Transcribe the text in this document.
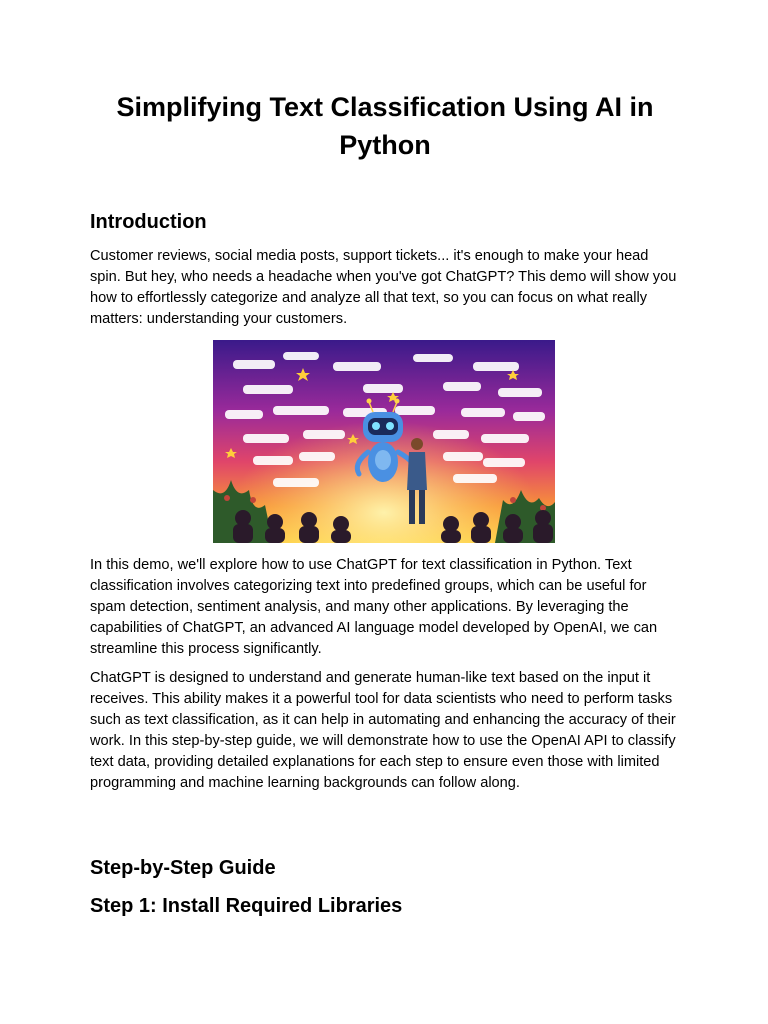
Simplifying Text Classification Using AI in Python
Introduction

Customer reviews, social media posts, support tickets... it's enough to make your head spin. But hey, who needs a headache when you've got ChatGPT? This demo will show you how to effortlessly categorize and analyze all that text, so you can focus on what really matters: understanding your customers.

In this demo, we'll explore how to use ChatGPT for text classification in Python. Text classification involves categorizing text into predefined groups, which can be useful for spam detection, sentiment analysis, and many other applications. By leveraging the capabilities of ChatGPT, an advanced AI language model developed by OpenAI, we can streamline this process significantly.

ChatGPT is designed to understand and generate human-like text based on the input it receives. This ability makes it a powerful tool for data scientists who need to perform tasks such as text classification, as it can help in automating and enhancing the accuracy of their work. In this step-by-step guide, we will demonstrate how to use the OpenAI API to classify text data, providing detailed explanations for each step to ensure even those with limited programming and machine learning backgrounds can follow along.

Step-by-Step Guide
Step 1: Install Required Libraries
